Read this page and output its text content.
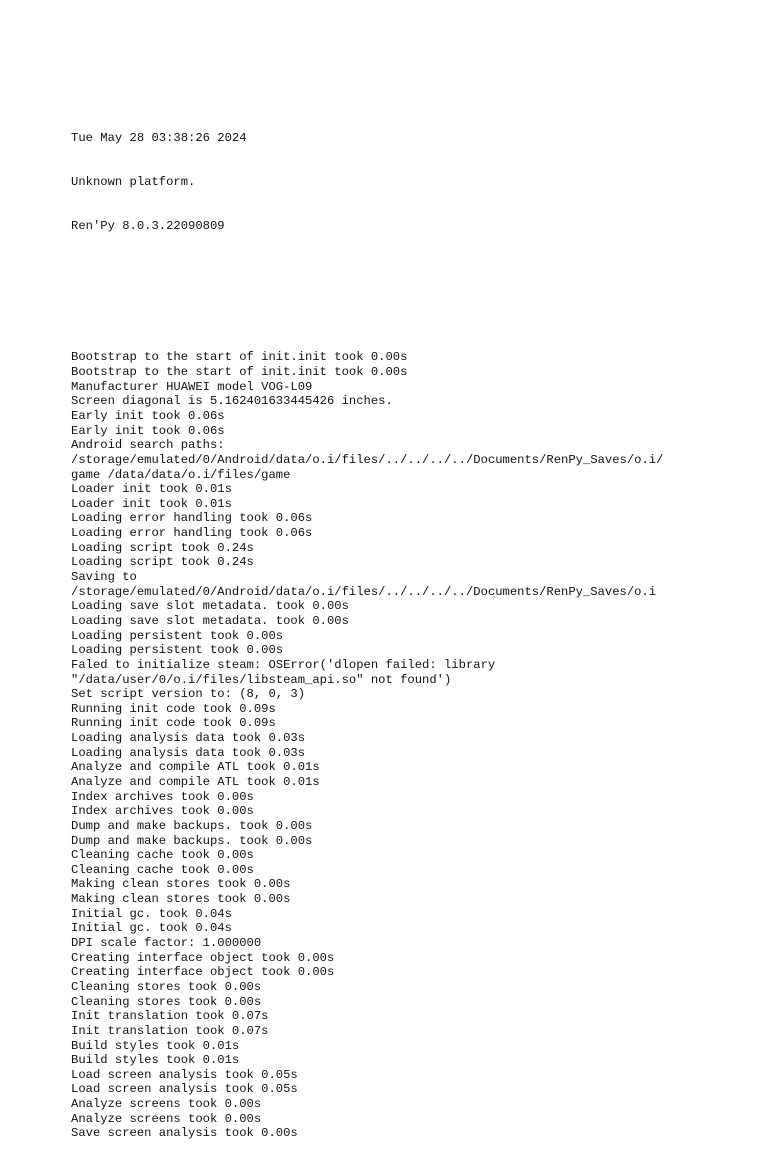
Tue May 28 03:38:26 2024

Unknown platform.

Ren'Py 8.0.3.22090809

Bootstrap to the start of init.init took 0.00s
Bootstrap to the start of init.init took 0.00s
Manufacturer HUAWEI model VOG-L09
Screen diagonal is 5.162401633445426 inches.
Early init took 0.06s
Early init took 0.06s
Android search paths:
/storage/emulated/0/Android/data/o.i/files/../../../../Documents/RenPy_Saves/o.i/
game /data/data/o.i/files/game
Loader init took 0.01s
Loader init took 0.01s
Loading error handling took 0.06s
Loading error handling took 0.06s
Loading script took 0.24s
Loading script took 0.24s
Saving to
/storage/emulated/0/Android/data/o.i/files/../../../../Documents/RenPy_Saves/o.i
Loading save slot metadata. took 0.00s
Loading save slot metadata. took 0.00s
Loading persistent took 0.00s
Loading persistent took 0.00s
Faled to initialize steam: OSError('dlopen failed: library
"/data/user/0/o.i/files/libsteam_api.so" not found')
Set script version to: (8, 0, 3)
Running init code took 0.09s
Running init code took 0.09s
Loading analysis data took 0.03s
Loading analysis data took 0.03s
Analyze and compile ATL took 0.01s
Analyze and compile ATL took 0.01s
Index archives took 0.00s
Index archives took 0.00s
Dump and make backups. took 0.00s
Dump and make backups. took 0.00s
Cleaning cache took 0.00s
Cleaning cache took 0.00s
Making clean stores took 0.00s
Making clean stores took 0.00s
Initial gc. took 0.04s
Initial gc. took 0.04s
DPI scale factor: 1.000000
Creating interface object took 0.00s
Creating interface object took 0.00s
Cleaning stores took 0.00s
Cleaning stores took 0.00s
Init translation took 0.07s
Init translation took 0.07s
Build styles took 0.01s
Build styles took 0.01s
Load screen analysis took 0.05s
Load screen analysis took 0.05s
Analyze screens took 0.00s
Analyze screens took 0.00s
Save screen analysis took 0.00s
